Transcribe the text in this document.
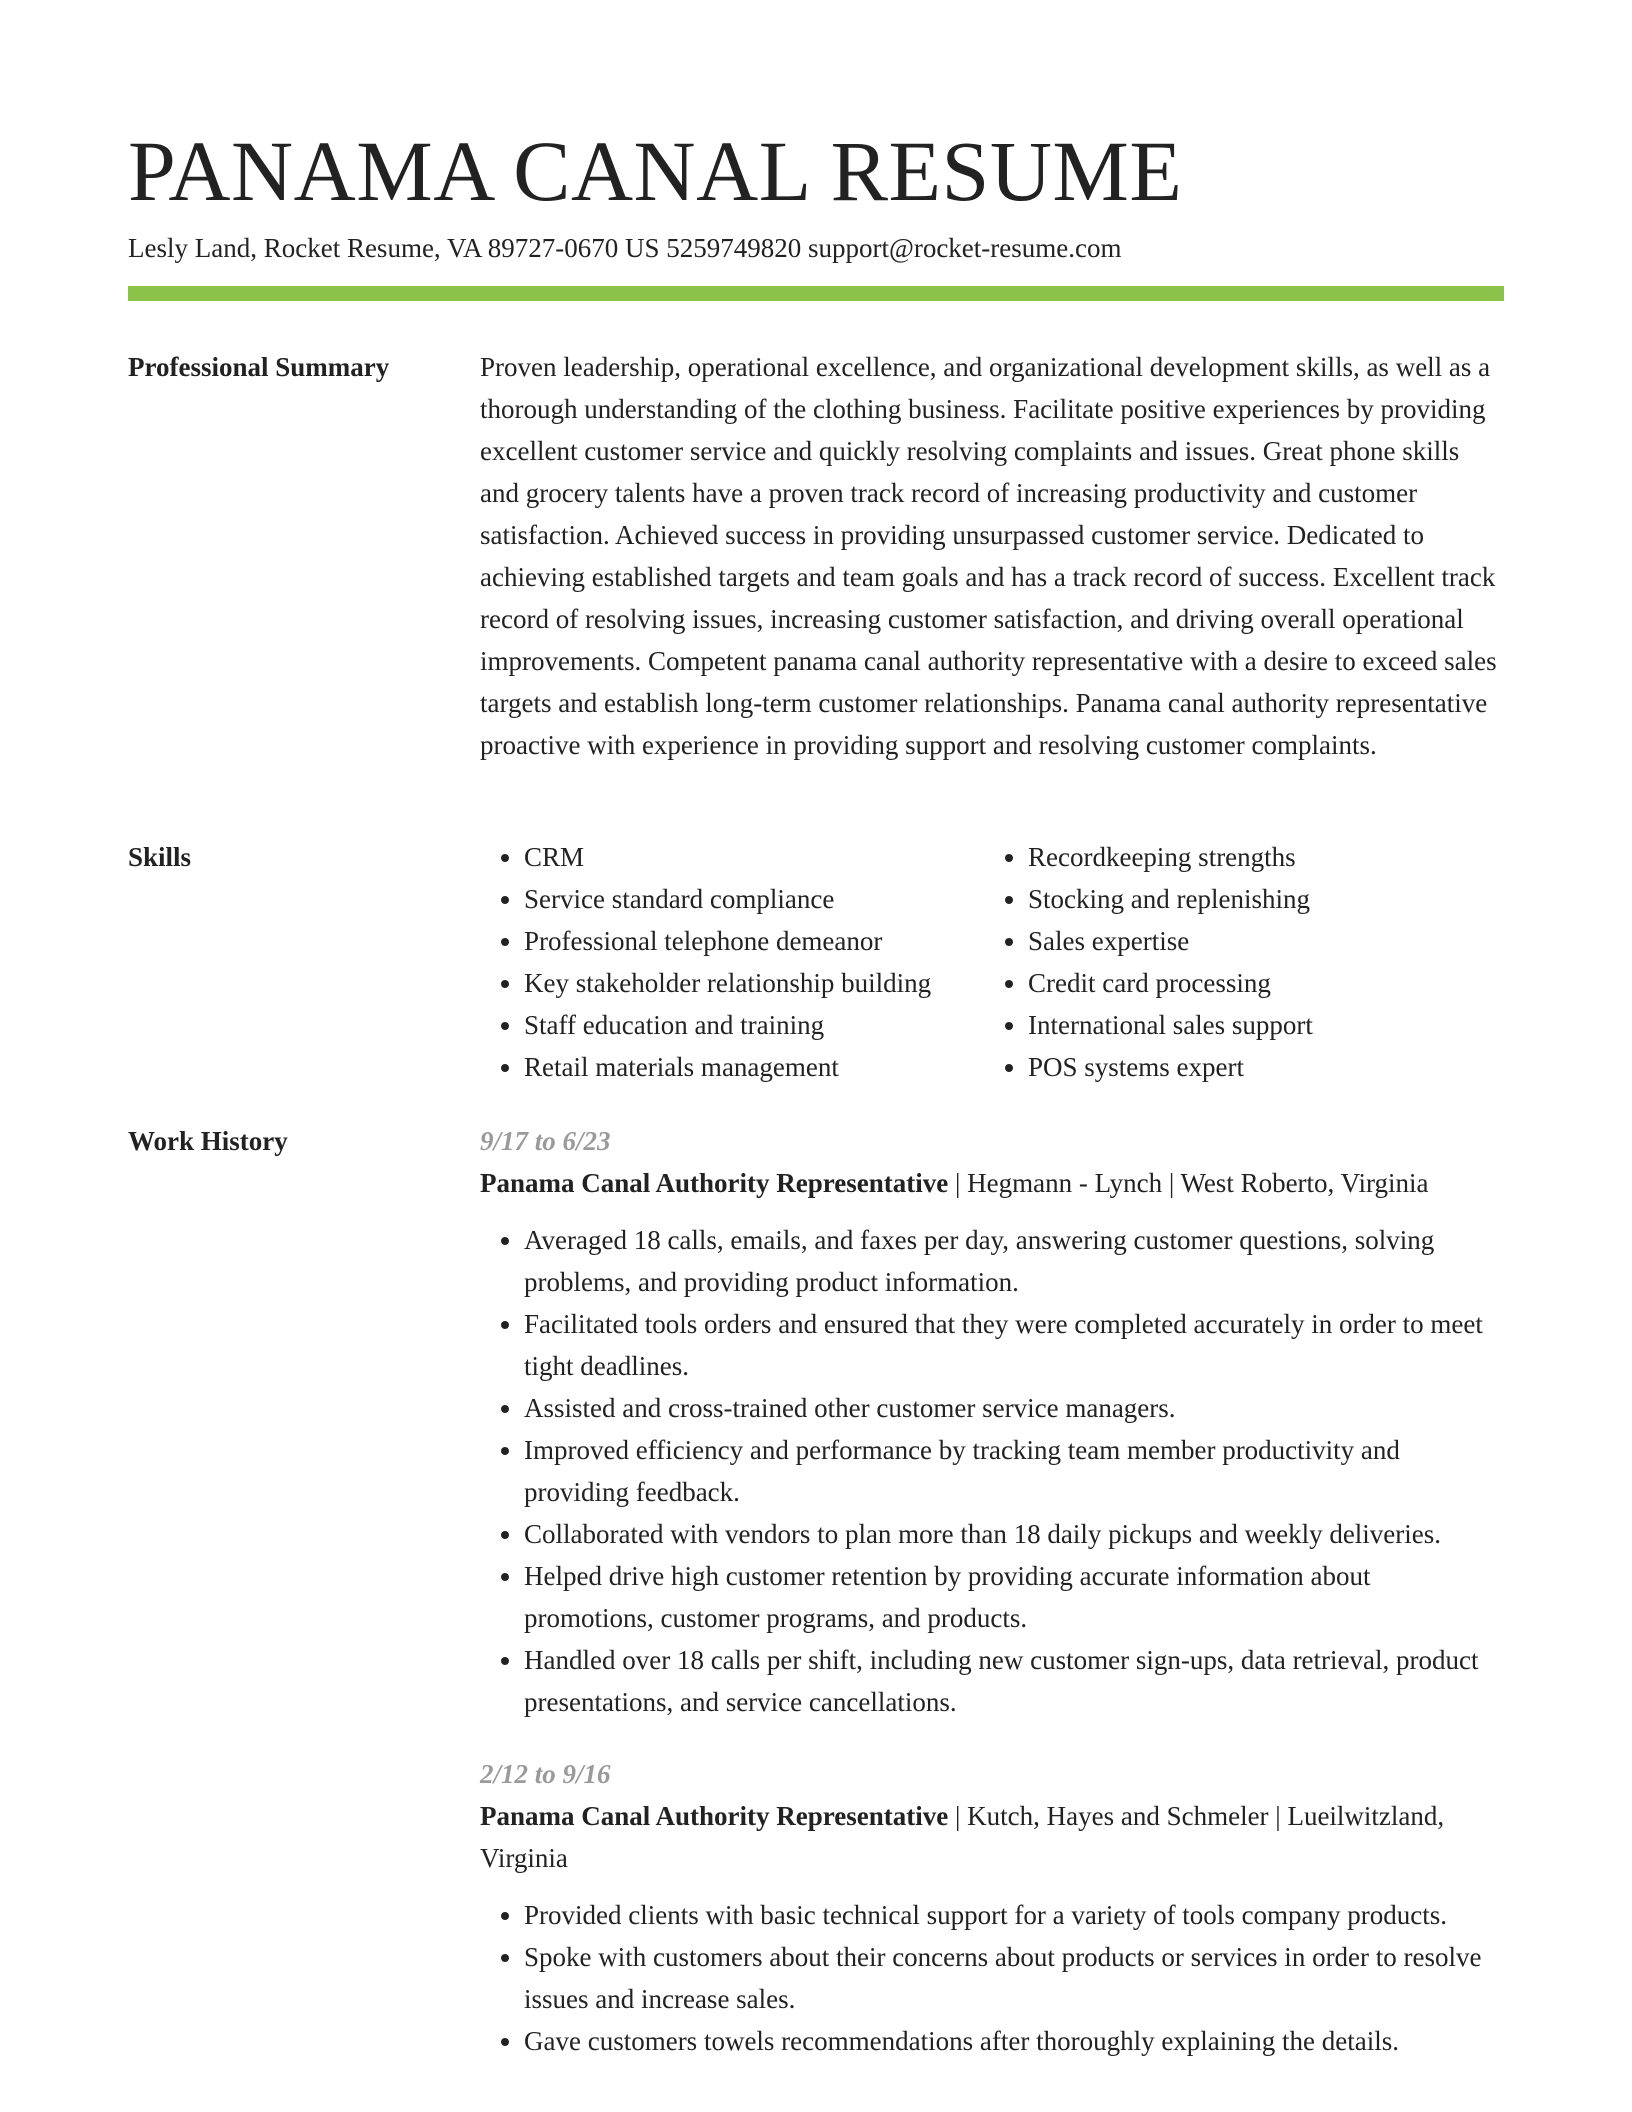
PANAMA CANAL RESUME
Lesly Land, Rocket Resume, VA 89727-0670 US 5259749820 support@rocket-resume.com
Professional Summary	Proven leadership, operational excellence, and organizational development skills, as well as a thorough understanding of the clothing business. Facilitate positive experiences by providing excellent customer service and quickly resolving complaints and issues. Great phone skills and grocery talents have a proven track record of increasing productivity and customer satisfaction. Achieved success in providing unsurpassed customer service. Dedicated to achieving established targets and team goals and has a track record of success. Excellent track record of resolving issues, increasing customer satisfaction, and driving overall operational improvements. Competent panama canal authority representative with a desire to exceed sales targets and establish long-term customer relationships. Panama canal authority representative proactive with experience in providing support and resolving customer complaints.

Skills
•	CRM
• Service standard compliance
• Professional telephone demeanor
• Key stakeholder relationship building
• Staff education and training
• Retail materials management
• Recordkeeping strengths
• Stocking and replenishing
• Sales expertise
• Credit card processing
• International sales support
• POS systems expert
Work History	9/17 to 6/23
Panama Canal Authority Representative | Hegmann - Lynch | West Roberto, Virginia
• Averaged 18 calls, emails, and faxes per day, answering customer questions, solving problems, and providing product information.
• Facilitated tools orders and ensured that they were completed accurately in order to meet tight deadlines.
• Assisted and cross-trained other customer service managers.
• Improved efficiency and performance by tracking team member productivity and providing feedback.
• Collaborated with vendors to plan more than 18 daily pickups and weekly deliveries.
• Helped drive high customer retention by providing accurate information about promotions, customer programs, and products.
• Handled over 18 calls per shift, including new customer sign-ups, data retrieval, product presentations, and service cancellations.
2/12 to 9/16
Panama Canal Authority Representative | Kutch, Hayes and Schmeler | Lueilwitzland, Virginia
• Provided clients with basic technical support for a variety of tools company products.
• Spoke with customers about their concerns about products or services in order to resolve issues and increase sales.
• Gave customers towels recommendations after thoroughly explaining the details.
